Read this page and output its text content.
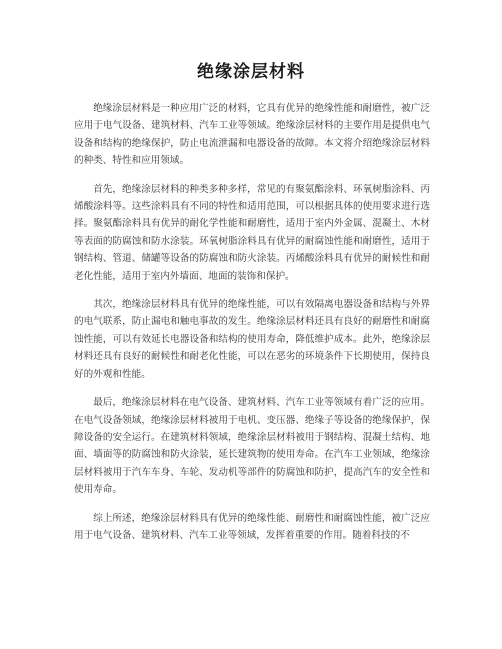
绝缘涂层材料

绝缘涂层材料是一种应用广泛的材料，它具有优异的绝缘性能和耐磨性，被广泛应用于电气设备、建筑材料、汽车工业等领域。绝缘涂层材料的主要作用是提供电气设备和结构的绝缘保护，防止电流泄漏和电器设备的故障。本文将介绍绝缘涂层材料的种类、特性和应用领域。

首先，绝缘涂层材料的种类多种多样，常见的有聚氨酯涂料、环氧树脂涂料、丙烯酸涂料等。这些涂料具有不同的特性和适用范围，可以根据具体的使用要求进行选择。聚氨酯涂料具有优异的耐化学性能和耐磨性，适用于室内外金属、混凝土、木材等表面的防腐蚀和防水涂装。环氧树脂涂料具有优异的耐腐蚀性能和耐磨性，适用于钢结构、管道、储罐等设备的防腐蚀和防火涂装。丙烯酸涂料具有优异的耐候性和耐老化性能，适用于室内外墙面、地面的装饰和保护。

其次，绝缘涂层材料具有优异的绝缘性能，可以有效隔离电器设备和结构与外界的电气联系，防止漏电和触电事故的发生。绝缘涂层材料还具有良好的耐磨性和耐腐蚀性能，可以有效延长电器设备和结构的使用寿命，降低维护成本。此外，绝缘涂层材料还具有良好的耐候性和耐老化性能，可以在恶劣的环境条件下长期使用，保持良好的外观和性能。

最后，绝缘涂层材料在电气设备、建筑材料、汽车工业等领域有着广泛的应用。在电气设备领域，绝缘涂层材料被用于电机、变压器、绝缘子等设备的绝缘保护，保障设备的安全运行。在建筑材料领域，绝缘涂层材料被用于钢结构、混凝土结构、地面、墙面等的防腐蚀和防火涂装，延长建筑物的使用寿命。在汽车工业领域，绝缘涂层材料被用于汽车车身、车轮、发动机等部件的防腐蚀和防护，提高汽车的安全性和使用寿命。

综上所述，绝缘涂层材料具有优异的绝缘性能、耐磨性和耐腐蚀性能，被广泛应用于电气设备、建筑材料、汽车工业等领域，发挥着重要的作用。随着科技的不
